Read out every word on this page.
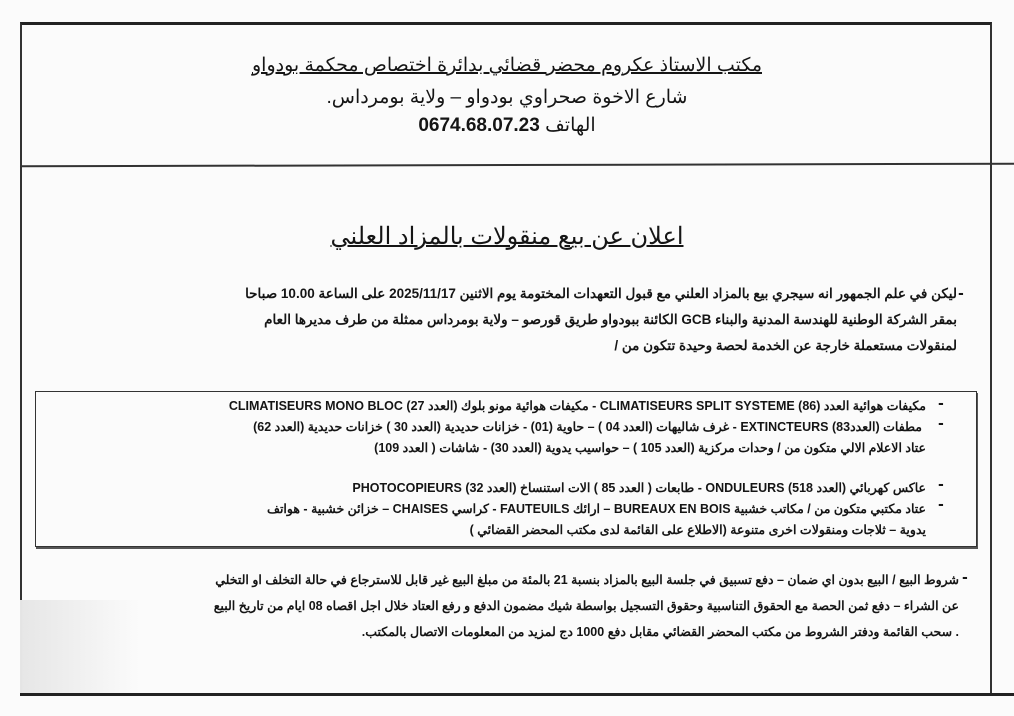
مكتب الاستاذ عكروم محضر قضائي بدائرة اختصاص محكمة بودواو
شارع الاخوة صحراوي بودواو – ولاية بومرداس.
الهاتف 0674.68.07.23
اعلان عن بيع منقولات بالمزاد العلني
-
ليكن في علم الجمهور انه سيجري بيع بالمزاد العلني مع قبول التعهدات المختومة يوم الاثنين 2025/11/17 على الساعة 10.00 صباحا
بمقر الشركة الوطنية للهندسة المدنية والبناء GCB الكائنة ببودواو طريق قورصو – ولاية بومرداس ممثلة من طرف مديرها العام
لمنقولات مستعملة خارجة عن الخدمة لحصة وحيدة تتكون من /
-
-
-
-
مكيفات هوائية العدد (86) CLIMATISEURS SPLIT SYSTEME - مكيفات هوائية مونو بلوك (العدد 27) CLIMATISEURS MONO BLOC
مطفات (العدد83) EXTINCTEURS - غرف شاليهات (العدد 04 ) – حاوية (01) - خزانات حديدية (العدد 30 ) خزانات حديدية (العدد 62)
عتاد الاعلام الالي متكون من / وحدات مركزية (العدد 105 ) – حواسيب يدوية (العدد 30) - شاشات ( العدد 109)
عاكس كهربائي (العدد 518) ONDULEURS - طابعات ( العدد 85 ) الات استنساخ (العدد 32) PHOTOCOPIEURS
عتاد مكتبي متكون من / مكاتب خشبية BUREAUX EN BOIS – ارائك FAUTEUILS - كراسي CHAISES – خزائن خشبية - هواتف
يدوية – ثلاجات ومنقولات اخرى متنوعة (الاطلاع على القائمة لدى مكتب المحضر القضائي )
-
شروط البيع / البيع بدون اي ضمان – دفع تسبيق في جلسة البيع بالمزاد بنسبة 21 بالمئة من مبلغ البيع غير قابل للاسترجاع في حالة التخلف او التخلي
عن الشراء – دفع ثمن الحصة مع الحقوق التناسبية وحقوق التسجيل بواسطة شيك مضمون الدفع و رفع العتاد خلال اجل اقصاه 08 ايام من تاريخ البيع
. سحب القائمة ودفتر الشروط من مكتب المحضر القضائي مقابل دفع 1000 دج لمزيد من المعلومات الاتصال بالمكتب.
